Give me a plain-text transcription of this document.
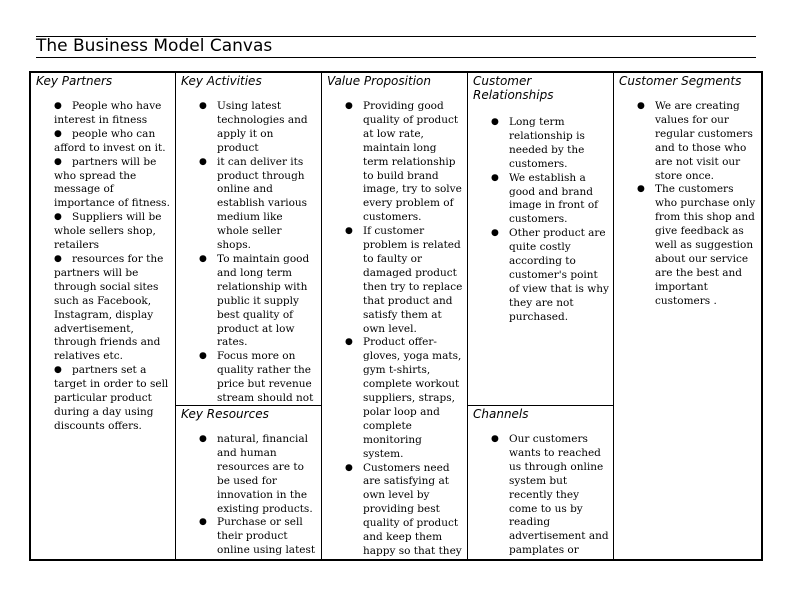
The Business Model Canvas
Key Partners
● People who have interest in fitness
● people who can afford to invest on it.
● partners will be who spread the message of importance of fitness.
● Suppliers will be whole sellers shop, retailers
● resources for the partners will be through social sites such as Facebook, Instagram, display advertisement, through friends and relatives etc.
● partners set a target in order to sell particular product during a day using discounts offers.
Key Activities
● Using latest technologies and apply it on product
● it can deliver its product through online and establish various medium like whole seller shops.
● To maintain good and long term relationship with public it supply best quality of product at low rates.
● Focus more on quality rather the price but revenue stream should not
Key Resources
● natural, financial and human resources are to be used for innovation in the existing products.
● Purchase or sell their product online using latest
Value Proposition
● Providing good quality of product at low rate, maintain long term relationship to build brand image, try to solve every problem of customers.
● If customer problem is related to faulty or damaged product then try to replace that product and satisfy them at own level.
● Product offer- gloves, yoga mats, gym t-shirts, complete workout suppliers, straps, polar loop and complete monitoring system.
● Customers need are satisfying at own level by providing best quality of product and keep them happy so that they
Customer Relationships
● Long term relationship is needed by the customers.
● We establish a good and brand image in front of customers.
● Other product are quite costly according to customer's point of view that is why they are not purchased.
Channels
● Our customers wants to reached us through online system but recently they come to us by reading advertisement and pamplates or
Customer Segments
● We are creating values for our regular customers and to those who are not visit our store once.
● The customers who purchase only from this shop and give feedback as well as suggestion about our service are the best and important customers .
